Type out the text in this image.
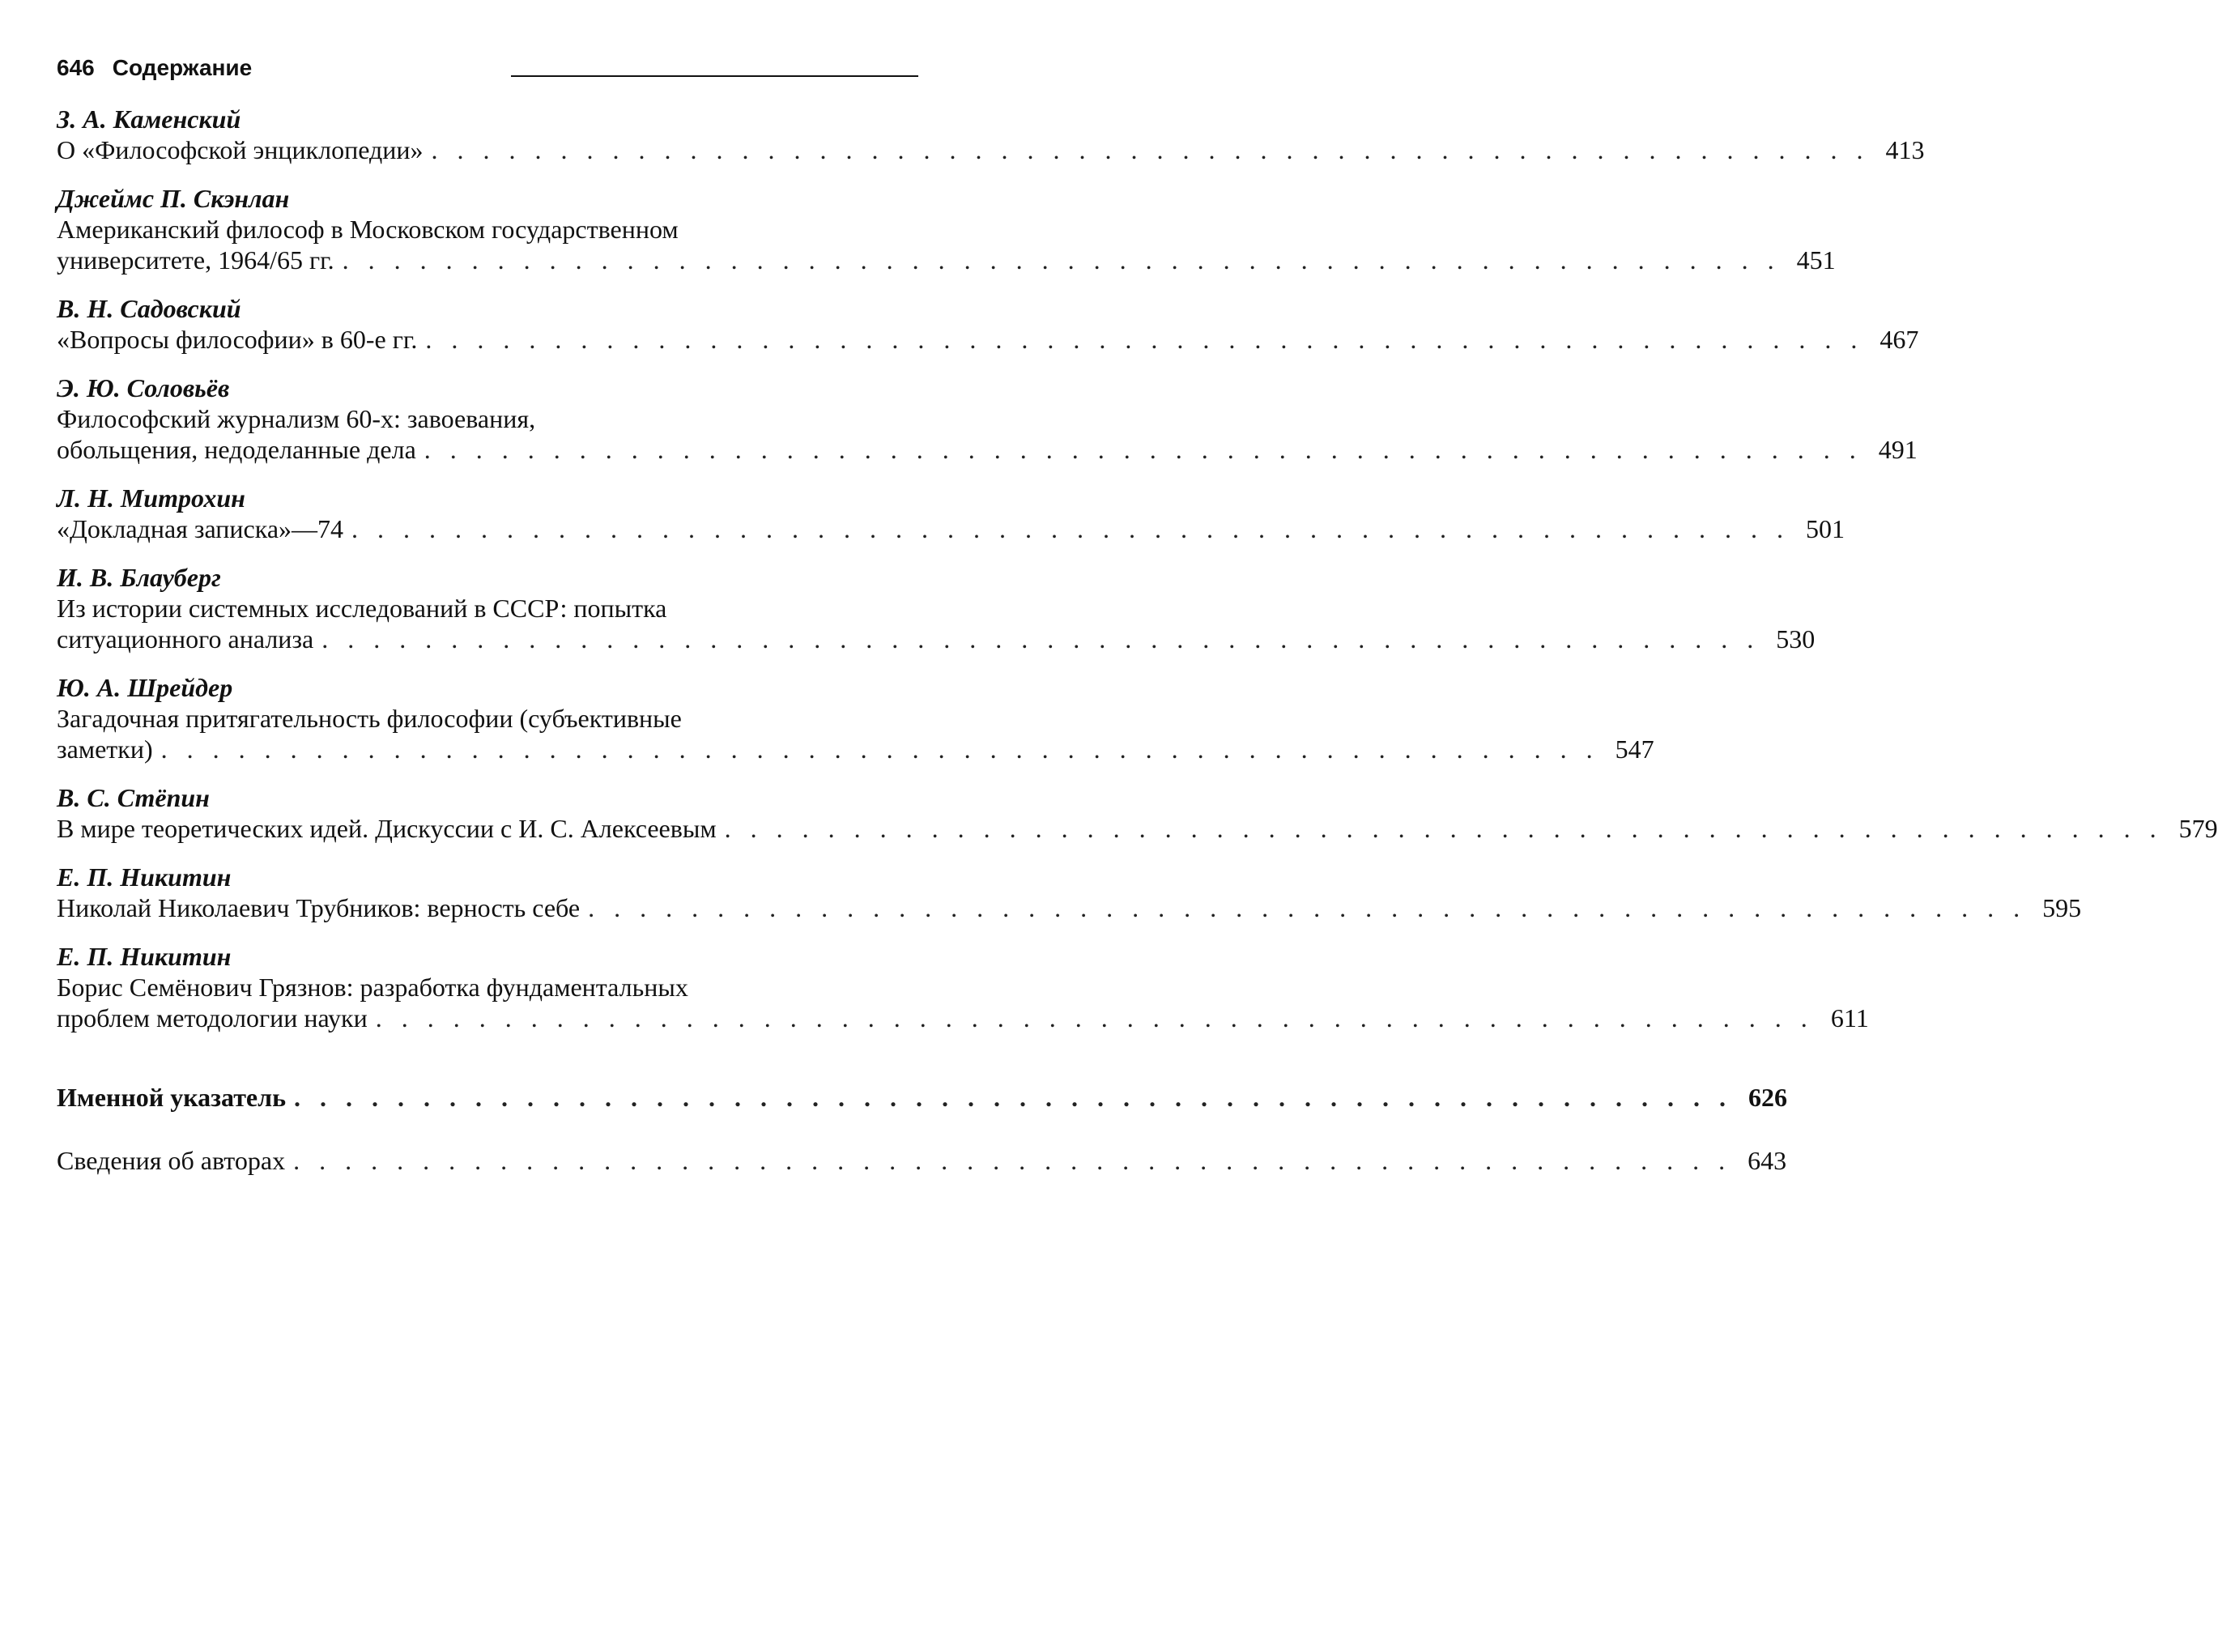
646 Содержание
З. А. Каменский
О «Философской энциклопедии» . . . . . . . . . . . . . . . . . . . . . . . . . . . . . . . . . . . . . . . . . . . . . . . . . . . . . . . . 413
Джеймс П. Скэнлан
Американский философ в Московском государственном
университете, 1964/65 гг. . . . . . . . . . . . . . . . . . . . . . . . . . . . . . . . . . . . . . . . . . . . . . . . . . . . . . . . . 451
В. Н. Садовский
«Вопросы философии» в 60-е гг. . . . . . . . . . . . . . . . . . . . . . . . . . . . . . . . . . . . . . . . . . . . . . . . . . . . . . . . . 467
Э. Ю. Соловьёв
Философский журнализм 60-х: завоевания,
обольщения, недоделанные дела . . . . . . . . . . . . . . . . . . . . . . . . . . . . . . . . . . . . . . . . . . . . . . . . . . . . . . . . 491
Л. Н. Митрохин
«Докладная записка»—74 . . . . . . . . . . . . . . . . . . . . . . . . . . . . . . . . . . . . . . . . . . . . . . . . . . . . . . . . 501
И. В. Блауберг
Из истории системных исследований в СССР: попытка
ситуационного анализа . . . . . . . . . . . . . . . . . . . . . . . . . . . . . . . . . . . . . . . . . . . . . . . . . . . . . . . . 530
Ю. А. Шрейдер
Загадочная притягательность философии (субъективные
заметки) . . . . . . . . . . . . . . . . . . . . . . . . . . . . . . . . . . . . . . . . . . . . . . . . . . . . . . . . 547
В. С. Стёпин
В мире теоретических идей. Дискуссии с И. С. Алексеевым . . . . . . . . . . . . . . . . . . . . . . . . . . . . . . . . . . . . . . . . . . . . . . . . . . . . . . . . 579
Е. П. Никитин
Николай Николаевич Трубников: верность себе . . . . . . . . . . . . . . . . . . . . . . . . . . . . . . . . . . . . . . . . . . . . . . . . . . . . . . . . 595
Е. П. Никитин
Борис Семёнович Грязнов: разработка фундаментальных
проблем методологии науки . . . . . . . . . . . . . . . . . . . . . . . . . . . . . . . . . . . . . . . . . . . . . . . . . . . . . . . . 611
Именной указатель . . . . . . . . . . . . . . . . . . . . . . . . . . . . . . . . . . . . . . . . . . . . . . . . . . . . . . . . 626
Сведения об авторах . . . . . . . . . . . . . . . . . . . . . . . . . . . . . . . . . . . . . . . . . . . . . . . . . . . . . . . . 643
